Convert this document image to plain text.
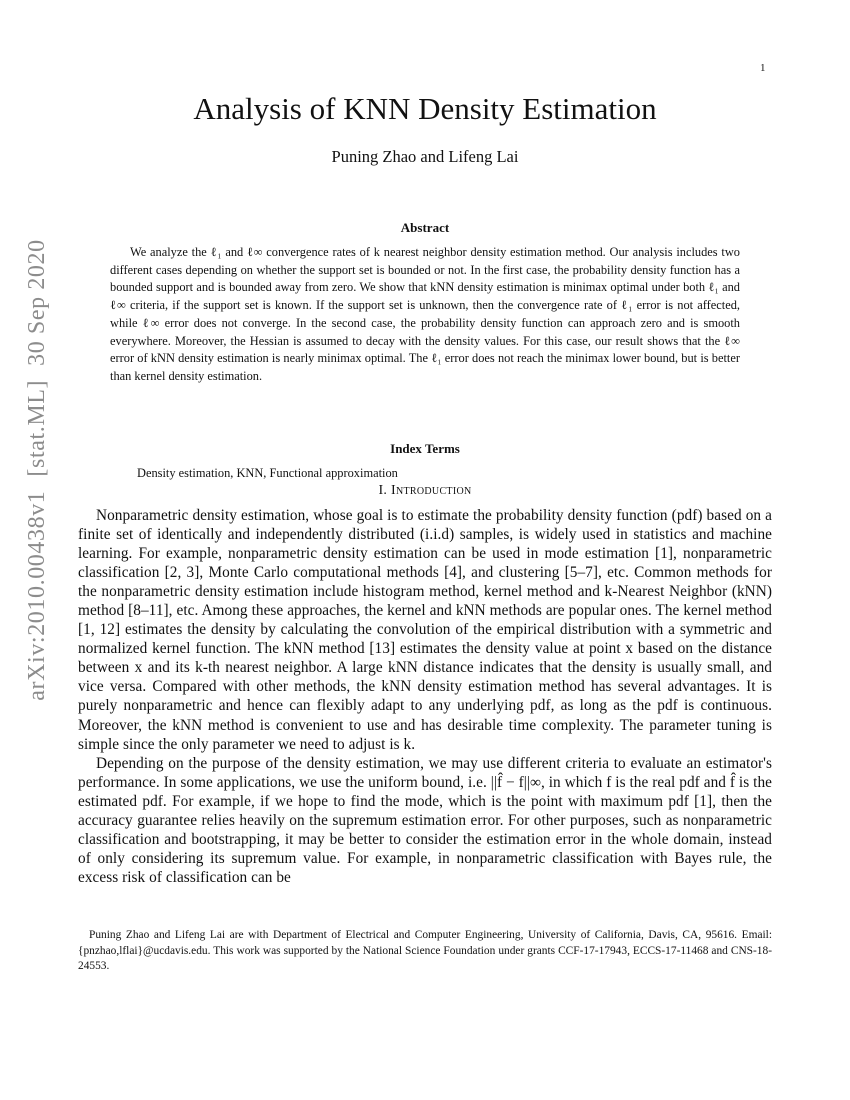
1
arXiv:2010.00438v1
[stat.ML]
30 Sep 2020
Analysis of KNN Density Estimation
Puning Zhao and Lifeng Lai
Abstract

We analyze the ℓ₁ and ℓ∞ convergence rates of k nearest neighbor density estimation method. Our analysis includes two different cases depending on whether the support set is bounded or not. In the first case, the probability density function has a bounded support and is bounded away from zero. We show that kNN density estimation is minimax optimal under both ℓ₁ and ℓ∞ criteria, if the support set is known. If the support set is unknown, then the convergence rate of ℓ₁ error is not affected, while ℓ∞ error does not converge. In the second case, the probability density function can approach zero and is smooth everywhere. Moreover, the Hessian is assumed to decay with the density values. For this case, our result shows that the ℓ∞ error of kNN density estimation is nearly minimax optimal. The ℓ₁ error does not reach the minimax lower bound, but is better than kernel density estimation.

Index Terms

Density estimation, KNN, Functional approximation

I. Introduction

Nonparametric density estimation, whose goal is to estimate the probability density function (pdf) based on a finite set of identically and independently distributed (i.i.d) samples, is widely used in statistics and machine learning. For example, nonparametric density estimation can be used in mode estimation [1], nonparametric classification [2, 3], Monte Carlo computational methods [4], and clustering [5–7], etc. Common methods for the nonparametric density estimation include histogram method, kernel method and k-Nearest Neighbor (kNN) method [8–11], etc. Among these approaches, the kernel and kNN methods are popular ones. The kernel method [1, 12] estimates the density by calculating the convolution of the empirical distribution with a symmetric and normalized kernel function. The kNN method [13] estimates the density value at point x based on the distance between x and its k-th nearest neighbor. A large kNN distance indicates that the density is usually small, and vice versa. Compared with other methods, the kNN density estimation method has several advantages. It is purely nonparametric and hence can flexibly adapt to any underlying pdf, as long as the pdf is continuous. Moreover, the kNN method is convenient to use and has desirable time complexity. The parameter tuning is simple since the only parameter we need to adjust is k.

Depending on the purpose of the density estimation, we may use different criteria to evaluate an estimator's performance. In some applications, we use the uniform bound, i.e. ||f̂ − f||∞, in which f is the real pdf and f̂ is the estimated pdf. For example, if we hope to find the mode, which is the point with maximum pdf [1], then the accuracy guarantee relies heavily on the supremum estimation error. For other purposes, such as nonparametric classification and bootstrapping, it may be better to consider the estimation error in the whole domain, instead of only considering its supremum value. For example, in nonparametric classification with Bayes rule, the excess risk of classification can be

Puning Zhao and Lifeng Lai are with Department of Electrical and Computer Engineering, University of California, Davis, CA, 95616. Email: {pnzhao,lflai}@ucdavis.edu. This work was supported by the National Science Foundation under grants CCF-17-17943, ECCS-17-11468 and CNS-18-24553.
